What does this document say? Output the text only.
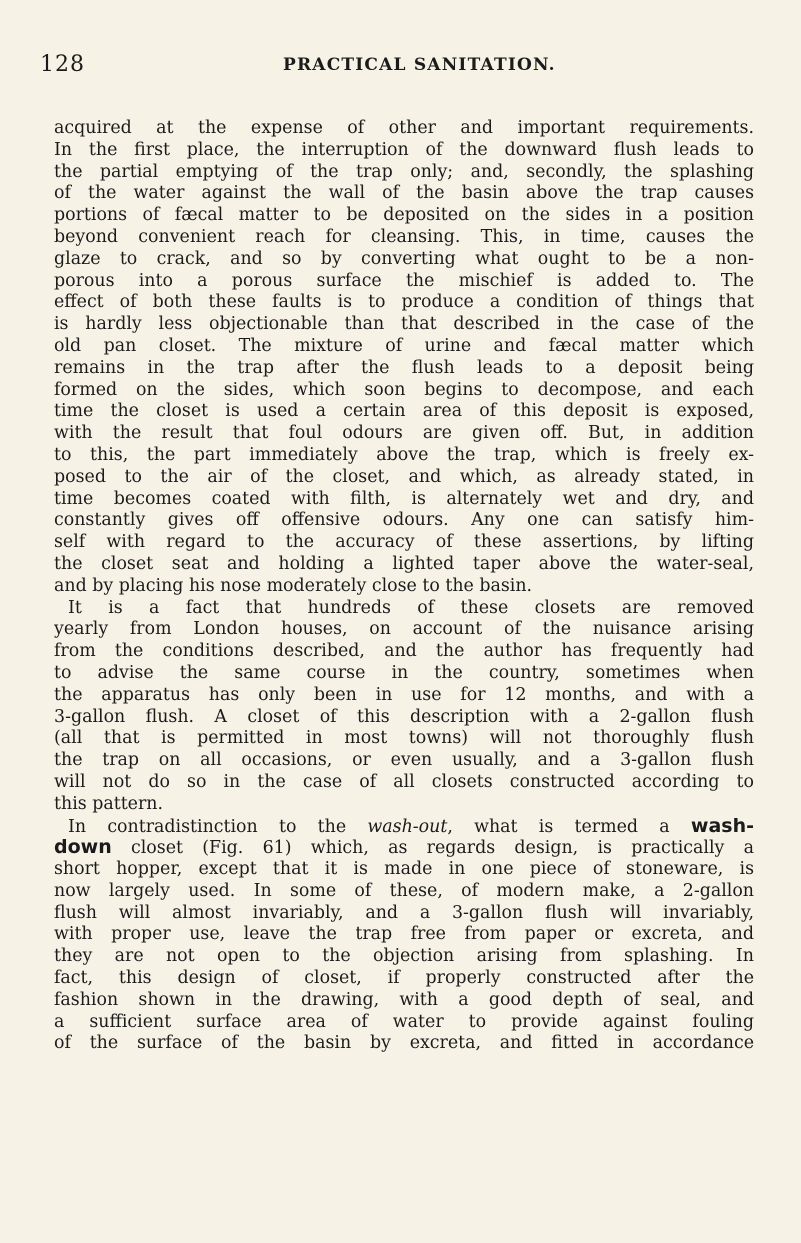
128	PRACTICAL SANITATION.
acquired at the expense of other and important requirements.
In the first place, the interruption of the downward flush leads to
the partial emptying of the trap only; and, secondly, the splashing
of the water against the wall of the basin above the trap causes
portions of fæcal matter to be deposited on the sides in a position
beyond convenient reach for cleansing. This, in time, causes the
glaze to crack, and so by converting what ought to be a non-
porous into a porous surface the mischief is added to. The
effect of both these faults is to produce a condition of things that
is hardly less objectionable than that described in the case of the
old pan closet. The mixture of urine and fæcal matter which
remains in the trap after the flush leads to a deposit being
formed on the sides, which soon begins to decompose, and each
time the closet is used a certain area of this deposit is exposed,
with the result that foul odours are given off. But, in addition
to this, the part immediately above the trap, which is freely ex-
posed to the air of the closet, and which, as already stated, in
time becomes coated with filth, is alternately wet and dry, and
constantly gives off offensive odours. Any one can satisfy him-
self with regard to the accuracy of these assertions, by lifting
the closet seat and holding a lighted taper above the water-seal,
and by placing his nose moderately close to the basin.
It is a fact that hundreds of these closets are removed
yearly from London houses, on account of the nuisance arising
from the conditions described, and the author has frequently had
to advise the same course in the country, sometimes when
the apparatus has only been in use for 12 months, and with a
3-gallon flush. A closet of this description with a 2-gallon flush
(all that is permitted in most towns) will not thoroughly flush
the trap on all occasions, or even usually, and a 3-gallon flush
will not do so in the case of all closets constructed according to
this pattern.
In contradistinction to the wash-out, what is termed a wash-
down closet (Fig. 61) which, as regards design, is practically a
short hopper, except that it is made in one piece of stoneware, is
now largely used. In some of these, of modern make, a 2-gallon
flush will almost invariably, and a 3-gallon flush will invariably,
with proper use, leave the trap free from paper or excreta, and
they are not open to the objection arising from splashing. In
fact, this design of closet, if properly constructed after the
fashion shown in the drawing, with a good depth of seal, and
a sufficient surface area of water to provide against fouling
of the surface of the basin by excreta, and fitted in accordance
